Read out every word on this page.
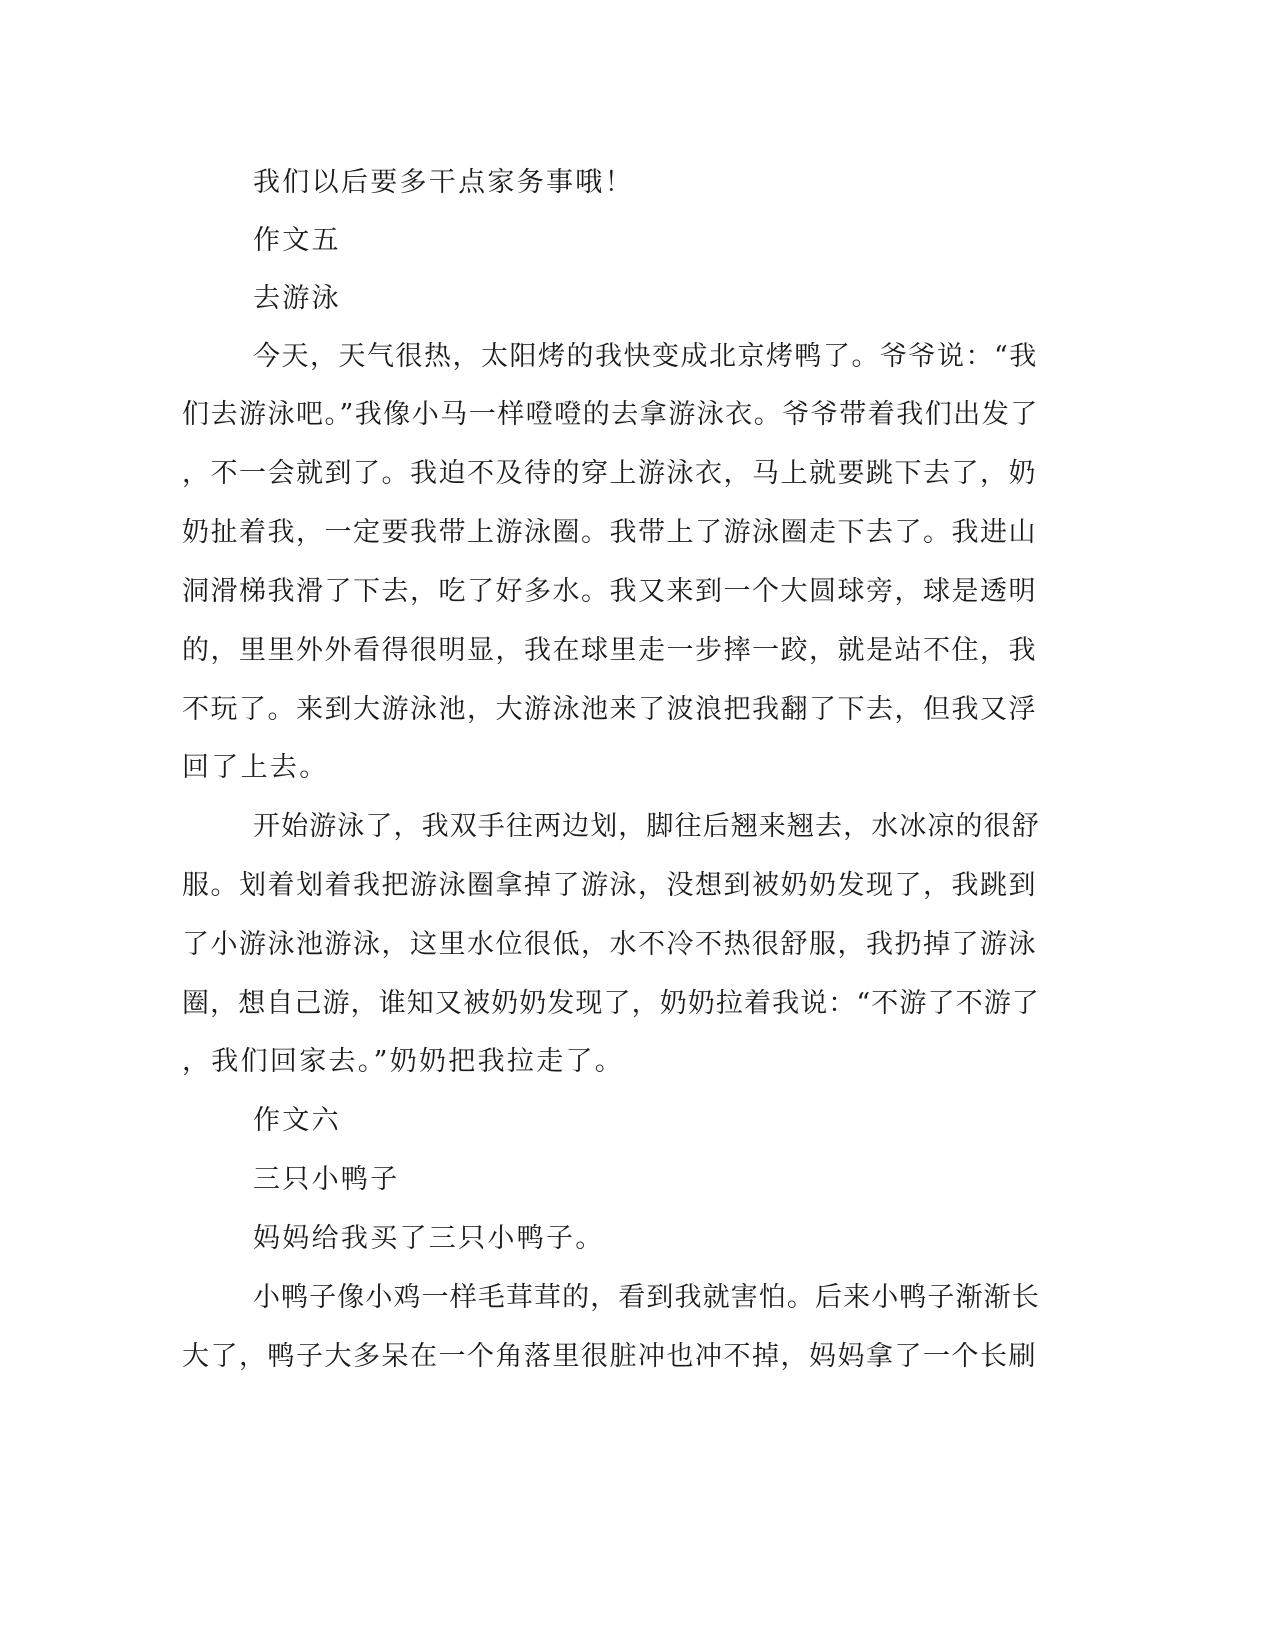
我们以后要多干点家务事哦！

作文五

去游泳

今天，天气很热，太阳烤的我快变成北京烤鸭了。爷爷说：“我

们去游泳吧。”我像小马一样噔噔的去拿游泳衣。爷爷带着我们出发了

，不一会就到了。我迫不及待的穿上游泳衣，马上就要跳下去了，奶

奶扯着我，一定要我带上游泳圈。我带上了游泳圈走下去了。我进山

洞滑梯我滑了下去，吃了好多水。我又来到一个大圆球旁，球是透明

的，里里外外看得很明显，我在球里走一步摔一跤，就是站不住，我

不玩了。来到大游泳池，大游泳池来了波浪把我翻了下去，但我又浮

回了上去。

开始游泳了，我双手往两边划，脚往后翘来翘去，水冰凉的很舒

服。划着划着我把游泳圈拿掉了游泳，没想到被奶奶发现了，我跳到

了小游泳池游泳，这里水位很低，水不冷不热很舒服，我扔掉了游泳

圈，想自己游，谁知又被奶奶发现了，奶奶拉着我说：“不游了不游了

，我们回家去。”奶奶把我拉走了。

作文六

三只小鸭子

妈妈给我买了三只小鸭子。

小鸭子像小鸡一样毛茸茸的，看到我就害怕。后来小鸭子渐渐长

大了，鸭子大多呆在一个角落里很脏冲也冲不掉，妈妈拿了一个长刷
